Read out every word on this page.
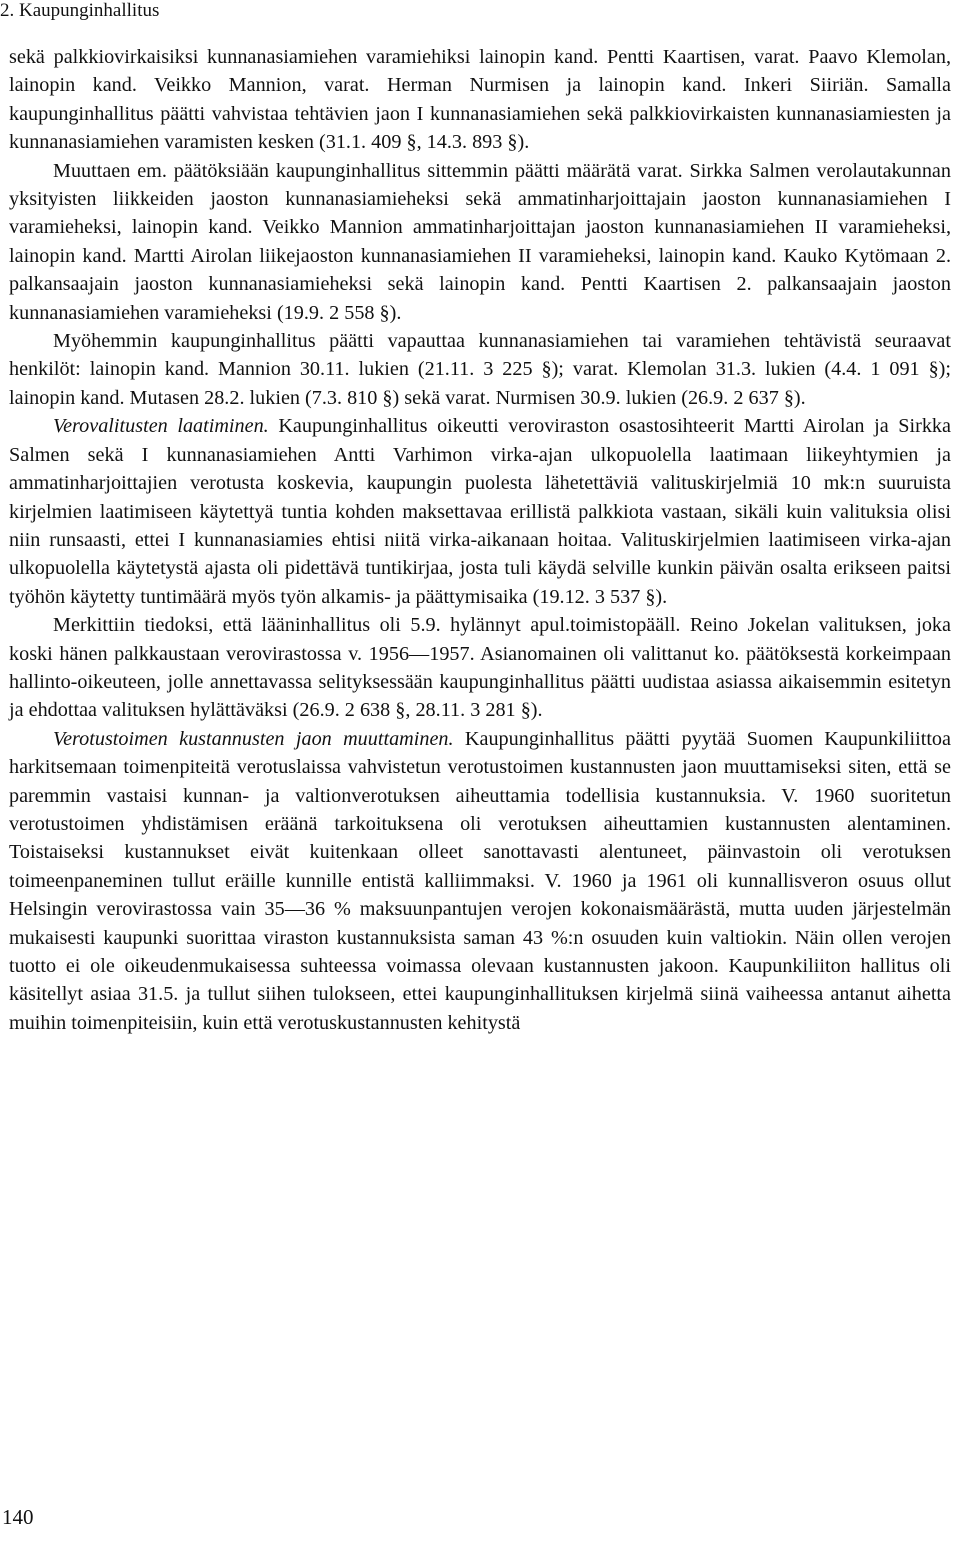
2. Kaupunginhallitus

sekä palkkiovirkaisiksi kunnanasiamiehen varamiehiksi lainopin kand. Pentti Kaartisen, varat. Paavo Klemolan, lainopin kand. Veikko Mannion, varat. Herman Nurmisen ja lainopin kand. Inkeri Siiriän. Samalla kaupunginhallitus päätti vahvistaa tehtävien jaon I kunnanasiamiehen sekä palkkiovirkaisten kunnanasiamiesten ja kunnanasiamiehen varamisten kesken (31.1. 409 §, 14.3. 893 §).

Muuttaen em. päätöksiään kaupunginhallitus sittemmin päätti määrätä varat. Sirkka Salmen verolautakunnan yksityisten liikkeiden jaoston kunnanasiamieheksi sekä ammatinharjoittajain jaoston kunnanasiamiehen I varamieheksi, lainopin kand. Veikko Mannion ammatinharjoittajan jaoston kunnanasiamiehen II varamieheksi, lainopin kand. Martti Airolan liikejaoston kunnanasiamiehen II varamieheksi, lainopin kand. Kauko Kytömaan 2. palkansaajain jaoston kunnanasiamieheksi sekä lainopin kand. Pentti Kaartisen 2. palkansaajain jaoston kunnanasiamiehen varamieheksi (19.9. 2 558 §).

Myöhemmin kaupunginhallitus päätti vapauttaa kunnanasiamiehen tai varamiehen tehtävistä seuraavat henkilöt: lainopin kand. Mannion 30.11. lukien (21.11. 3 225 §); varat. Klemolan 31.3. lukien (4.4. 1 091 §); lainopin kand. Mutasen 28.2. lukien (7.3. 810 §) sekä varat. Nurmisen 30.9. lukien (26.9. 2 637 §).

Verovalitusten laatiminen. Kaupunginhallitus oikeutti veroviraston osastosihteerit Martti Airolan ja Sirkka Salmen sekä I kunnanasiamiehen Antti Varhimon virka-ajan ulkopuolella laatimaan liikeyhtymien ja ammatinharjoittajien verotusta koskevia, kaupungin puolesta lähetettäviä valituskirjelmiä 10 mk:n suuruista kirjelmien laatimiseen käytettyä tuntia kohden maksettavaa erillistä palkkiota vastaan, sikäli kuin valituksia olisi niin runsaasti, ettei I kunnanasiamies ehtisi niitä virka-aikanaan hoitaa. Valituskirjelmien laatimiseen virka-ajan ulkopuolella käytetystä ajasta oli pidettävä tuntikirjaa, josta tuli käydä selville kunkin päivän osalta erikseen paitsi työhön käytetty tuntimäärä myös työn alkamis- ja päättymisaika (19.12. 3 537 §).

Merkittiin tiedoksi, että lääninhallitus oli 5.9. hylännyt apul.toimistopääll. Reino Jokelan valituksen, joka koski hänen palkkaustaan verovirastossa v. 1956—1957. Asianomainen oli valittanut ko. päätöksestä korkeimpaan hallinto-oikeuteen, jolle annettavassa selityksessään kaupunginhallitus päätti uudistaa asiassa aikaisemmin esitetyn ja ehdottaa valituksen hylättäväksi (26.9. 2 638 §, 28.11. 3 281 §).

Verotustoimen kustannusten jaon muuttaminen. Kaupunginhallitus päätti pyytää Suomen Kaupunkiliittoa harkitsemaan toimenpiteitä verotuslaissa vahvistetun verotustoimen kustannusten jaon muuttamiseksi siten, että se paremmin vastaisi kunnan- ja valtionverotuksen aiheuttamia todellisia kustannuksia. V. 1960 suoritetun verotustoimen yhdistämisen eräänä tarkoituksena oli verotuksen aiheuttamien kustannusten alentaminen. Toistaiseksi kustannukset eivät kuitenkaan olleet sanottavasti alentuneet, päinvastoin oli verotuksen toimeenpaneminen tullut eräille kunnille entistä kalliimmaksi. V. 1960 ja 1961 oli kunnallisveron osuus ollut Helsingin verovirastossa vain 35—36 % maksuunpantujen verojen kokonaismäärästä, mutta uuden järjestelmän mukaisesti kaupunki suorittaa viraston kustannuksista saman 43 %:n osuuden kuin valtiokin. Näin ollen verojen tuotto ei ole oikeudenmukaisessa suhteessa voimassa olevaan kustannusten jakoon. Kaupunkiliiton hallitus oli käsitellyt asiaa 31.5. ja tullut siihen tulokseen, ettei kaupunginhallituksen kirjelmä siinä vaiheessa antanut aihetta muihin toimenpiteisiin, kuin että verotuskustannusten kehitystä

140
